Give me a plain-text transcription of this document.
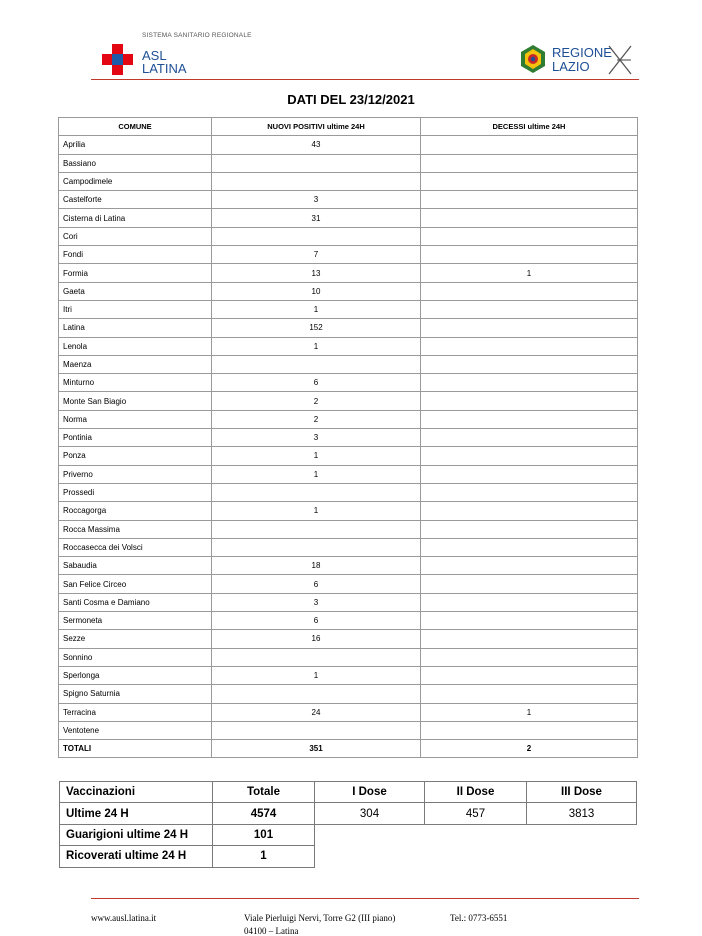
SISTEMA SANITARIO REGIONALE
ASL
LATINA
REGIONE
LAZIO
DATI DEL 23/12/2021
COMUNE	NUOVI POSITIVI ultime 24H	DECESSI ultime 24H
Aprilia	43	
Bassiano		
Campodimele		
Castelforte	3	
Cisterna di Latina	31	
Cori		
Fondi	7	
Formia	13	1
Gaeta	10	
Itri	1	
Latina	152	
Lenola	1	
Maenza		
Minturno	6	
Monte San Biagio	2	
Norma	2	
Pontinia	3	
Ponza	1	
Priverno	1	
Prossedi		
Roccagorga	1	
Rocca Massima		
Roccasecca dei Volsci		
Sabaudia	18	
San Felice Circeo	6	
Santi Cosma e Damiano	3	
Sermoneta	6	
Sezze	16	
Sonnino		
Sperlonga	1	
Spigno Saturnia		
Terracina	24	1
Ventotene		
TOTALI	351	2
Vaccinazioni	Totale	I Dose	II Dose	III Dose
Ultime 24 H	4574	304	457	3813
Guarigioni ultime 24 H	101			
Ricoverati ultime 24 H	1			
www.ausl.latina.it	Viale Pierluigi Nervi, Torre G2 (III piano)	Tel.: 0773-6551
04100 – Latina
